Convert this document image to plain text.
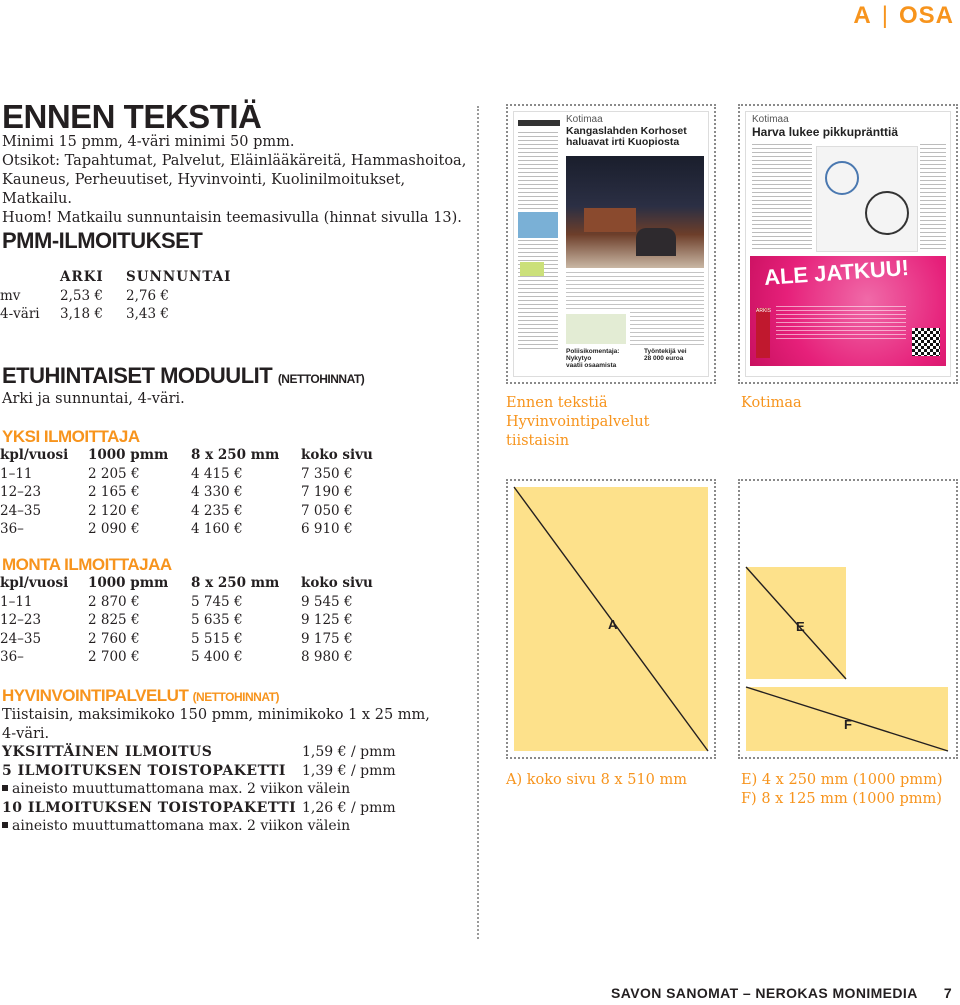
A | OSA
ENNEN TEKSTIÄ
Minimi 15 pmm, 4-väri minimi 50 pmm.
Otsikot: Tapahtumat, Palvelut, Eläinlääkäreitä, Hammashoitoa,
Kauneus, Perheuutiset, Hyvinvointi, Kuolinilmoitukset, Matkailu.
Huom! Matkailu sunnuntaisin teemasivulla (hinnat sivulla 13).
PMM-ILMOITUKSET
	ARKI	SUNNUNTAI
mv	2,53 €	2,76 €
4-väri	3,18 €	3,43 €
ETUHINTAISET MODUULIT (NETTOHINNAT)
Arki ja sunnuntai, 4-väri.
YKSI ILMOITTAJA
kpl/vuosi	1000 pmm	8 x 250 mm	koko sivu
1–11	2 205 €	4 415 €	7 350 €
12–23	2 165 €	4 330 €	7 190 €
24–35	2 120 €	4 235 €	7 050 €
36–	2 090 €	4 160 €	6 910 €
MONTA ILMOITTAJAA
kpl/vuosi	1000 pmm	8 x 250 mm	koko sivu
1–11	2 870 €	5 745 €	9 545 €
12–23	2 825 €	5 635 €	9 125 €
24–35	2 760 €	5 515 €	9 175 €
36–	2 700 €	5 400 €	8 980 €
HYVINVOINTIPALVELUT (NETTOHINNAT)
Tiistaisin, maksimikoko 150 pmm, minimikoko 1 x 25 mm,
4-väri.
YKSITTÄINEN ILMOITUS	1,59 € / pmm
5 ILMOITUKSEN TOISTOPAKETTI 1,39 € / pmm
aineisto muuttumattomana max. 2 viikon välein
10 ILMOITUKSEN TOISTOPAKETTI 1,26 € / pmm
aineisto muuttumattomana max. 2 viikon välein
Kotimaa
Kangaslahden Korhoset
haluavat irti Kuopiosta
Poliisikomentaja: Nykytyo
vaatii osaamista
Työntekijä vei
28 000 euroa
Ennen tekstiä
Hyvinvointipalvelut
tiistaisin
Kotimaa
Harva lukee pikkupränttiä
ALE JATKUU!
ARKIS
Kotimaa
A
A) koko sivu 8 x 510 mm
E
F
E) 4 x 250 mm (1000 pmm)
F) 8 x 125 mm (1000 pmm)
SAVON SANOMAT – NEROKAS MONIMEDIA 7
